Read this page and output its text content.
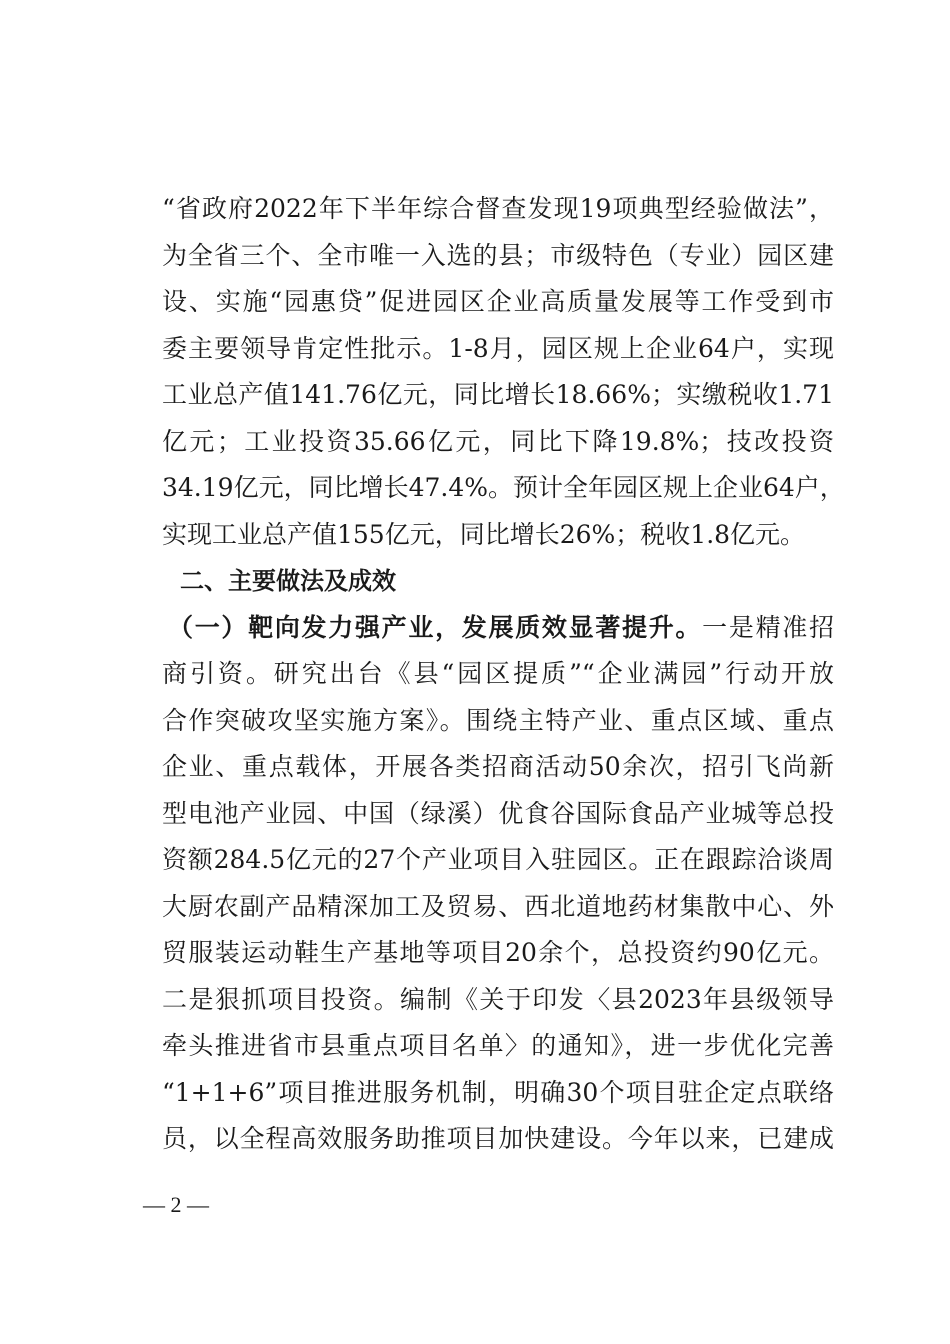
“省政府2022年下半年综合督查发现19项典型经验做法”，
为全省三个、全市唯一入选的县；市级特色（专业）园区建
设、实施“园惠贷”促进园区企业高质量发展等工作受到市
委主要领导肯定性批示。1-8月，园区规上企业64户，实现
工业总产值141.76亿元，同比增长18.66%；实缴税收1.71
亿元；工业投资35.66亿元，同比下降19.8%；技改投资
34.19亿元，同比增长47.4%。预计全年园区规上企业64户，
实现工业总产值155亿元，同比增长26%；税收1.8亿元。
二、主要做法及成效
（一）靶向发力强产业，发展质效显著提升。一是精准招
商引资。研究出台《县“园区提质”“企业满园”行动开放
合作突破攻坚实施方案》。围绕主特产业、重点区域、重点
企业、重点载体，开展各类招商活动50余次，招引飞尚新
型电池产业园、中国（绿溪）优食谷国际食品产业城等总投
资额284.5亿元的27个产业项目入驻园区。正在跟踪洽谈周
大厨农副产品精深加工及贸易、西北道地药材集散中心、外
贸服装运动鞋生产基地等项目20余个，总投资约90亿元。
二是狠抓项目投资。编制《关于印发〈县2023年县级领导
牵头推进省市县重点项目名单〉的通知》，进一步优化完善
“1+1+6”项目推进服务机制，明确30个项目驻企定点联络
员，以全程高效服务助推项目加快建设。今年以来，已建成
— 2 —
